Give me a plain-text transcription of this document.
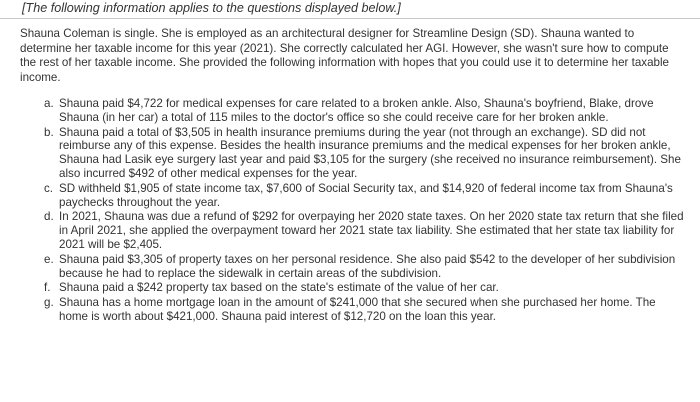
[The following information applies to the questions displayed below.]
Shauna Coleman is single. She is employed as an architectural designer for Streamline Design (SD). Shauna wanted to determine her taxable income for this year (2021). She correctly calculated her AGI. However, she wasn't sure how to compute the rest of her taxable income. She provided the following information with hopes that you could use it to determine her taxable income.
a. Shauna paid $4,722 for medical expenses for care related to a broken ankle. Also, Shauna's boyfriend, Blake, drove Shauna (in her car) a total of 115 miles to the doctor's office so she could receive care for her broken ankle.
b. Shauna paid a total of $3,505 in health insurance premiums during the year (not through an exchange). SD did not reimburse any of this expense. Besides the health insurance premiums and the medical expenses for her broken ankle, Shauna had Lasik eye surgery last year and paid $3,105 for the surgery (she received no insurance reimbursement). She also incurred $492 of other medical expenses for the year.
c. SD withheld $1,905 of state income tax, $7,600 of Social Security tax, and $14,920 of federal income tax from Shauna's paychecks throughout the year.
d. In 2021, Shauna was due a refund of $292 for overpaying her 2020 state taxes. On her 2020 state tax return that she filed in April 2021, she applied the overpayment toward her 2021 state tax liability. She estimated that her state tax liability for 2021 will be $2,405.
e. Shauna paid $3,305 of property taxes on her personal residence. She also paid $542 to the developer of her subdivision because he had to replace the sidewalk in certain areas of the subdivision.
f. Shauna paid a $242 property tax based on the state's estimate of the value of her car.
g. Shauna has a home mortgage loan in the amount of $241,000 that she secured when she purchased her home. The home is worth about $421,000. Shauna paid interest of $12,720 on the loan this year.
